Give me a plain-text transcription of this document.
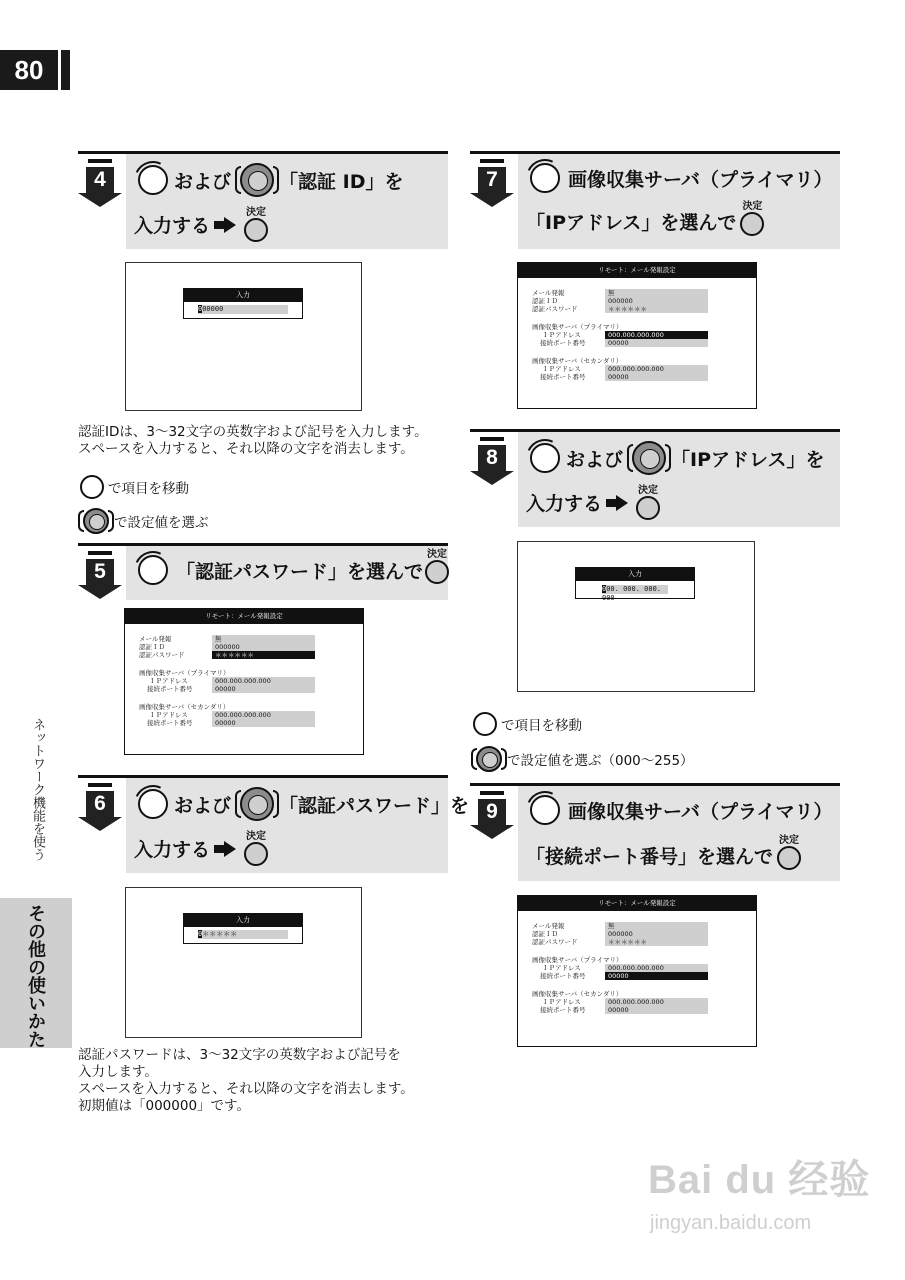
80
ネットワーク機能を使う
その他の使いかた
4	および	「認証 ID」を
入力する
決定
入力
000000
認証IDは、3〜32文字の英数字および記号を入力します。
スペースを入力すると、それ以降の文字を消去します。
で項目を移動
で設定値を選ぶ
5	「認証パスワード」を選んで
決定
リモート：メール発報設定
メール発報	無
認証ＩＤ	000000
認証パスワード	＊＊＊＊＊＊
画像収集サーバ（プライマリ）
ＩＰアドレス	000.000.000.000
接続ポート番号	00000
画像収集サーバ（セカンダリ）
ＩＰアドレス	000.000.000.000
接続ポート番号	00000
6	および	「認証パスワード」を
入力する
決定
入力
0＊＊＊＊＊
認証パスワードは、3〜32文字の英数字および記号を
入力します。
スペースを入力すると、それ以降の文字を消去します。
初期値は「000000」です。
7	画像収集サーバ（プライマリ）
「IPアドレス」を選んで
決定
リモート：メール発報設定
メール発報	無
認証ＩＤ	000000
認証パスワード	＊＊＊＊＊＊
画像収集サーバ（プライマリ）
ＩＰアドレス	000.000.000.000
接続ポート番号	00000
画像収集サーバ（セカンダリ）
ＩＰアドレス	000.000.000.000
接続ポート番号	00000
8	および	「IPアドレス」を
入力する
決定
入力
000. 000. 000. 000
で項目を移動
で設定値を選ぶ（000〜255）
9	画像収集サーバ（プライマリ）
「接続ポート番号」を選んで
決定
リモート：メール発報設定
メール発報	無
認証ＩＤ	000000
認証パスワード	＊＊＊＊＊＊
画像収集サーバ（プライマリ）
ＩＰアドレス	000.000.000.000
接続ポート番号	00000
画像収集サーバ（セカンダリ）
ＩＰアドレス	000.000.000.000
接続ポート番号	00000
Bai du 经验
jingyan.baidu.com
